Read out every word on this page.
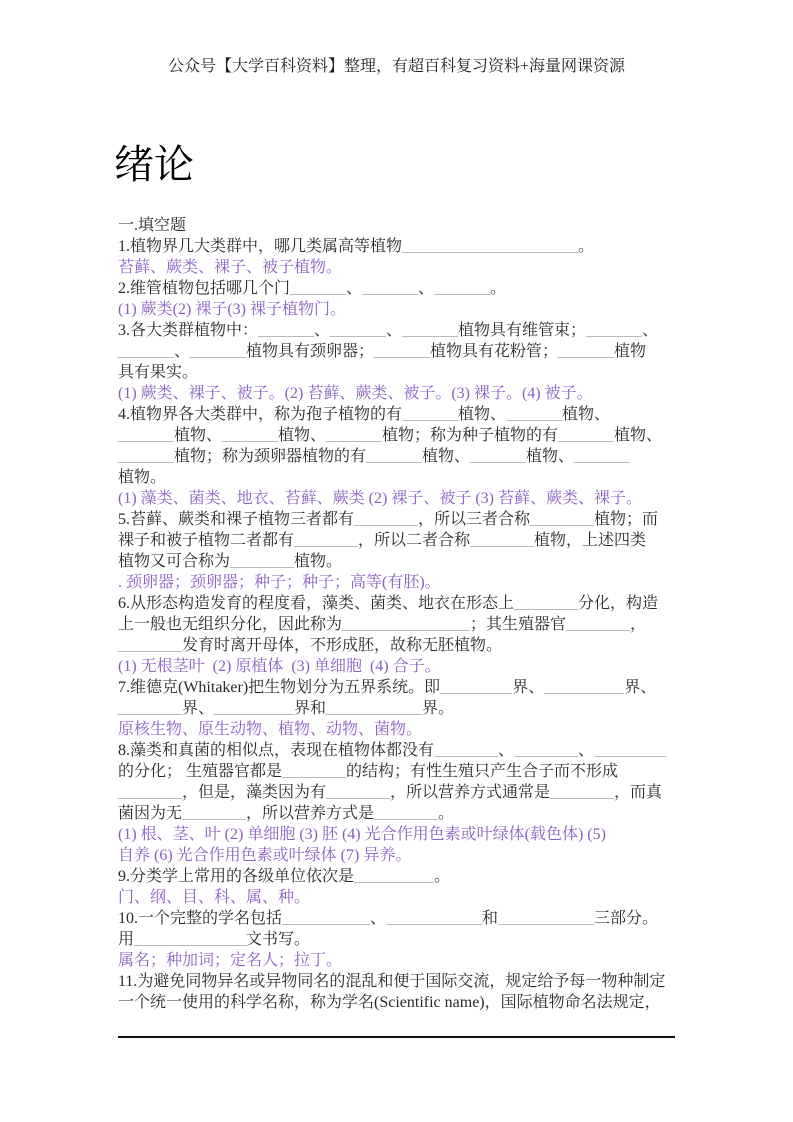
公众号【大学百科资料】整理，有超百科复习资料+海量网课资源
绪论
一.填空题
1.植物界几大类群中，哪几类属高等植物______________________。
苔藓、蕨类、裸子、被子植物。
2.维管植物包括哪几个门_______、_______、_______。
(1) 蕨类(2) 裸子(3) 裸子植物门。
3.各大类群植物中：_______、_______、_______植物具有维管束；_______、
_______、_______植物具有颈卵器；_______植物具有花粉管；_______植物
具有果实。
(1) 蕨类、裸子、被子。(2) 苔藓、蕨类、被子。(3) 裸子。(4) 被子。
4.植物界各大类群中，称为孢子植物的有_______植物、_______植物、
_______植物、_______植物、_______植物；称为种子植物的有_______植物、
_______植物；称为颈卵器植物的有_______植物、_______植物、_______
植物。
(1) 藻类、菌类、地衣、苔藓、蕨类 (2) 裸子、被子 (3) 苔藓、蕨类、裸子。
5.苔藓、蕨类和裸子植物三者都有________，所以三者合称________植物；而
裸子和被子植物二者都有________，所以二者合称________植物，上述四类
植物又可合称为________植物。
. 颈卵器；颈卵器；种子；种子；高等(有胚)。
6.从形态构造发育的程度看，藻类、菌类、地衣在形态上________分化，构造
上一般也无组织分化，因此称为________________；其生殖器官________，
________发育时离开母体，不形成胚，故称无胚植物。
(1) 无根茎叶  (2) 原植体  (3) 单细胞  (4) 合子。
7.维德克(Whitaker)把生物划分为五界系统。即_________界、__________界、
________界、__________界和____________界。
原核生物、原生动物、植物、动物、菌物。
8.藻类和真菌的相似点，表现在植物体都没有________、________、_________
的分化； 生殖器官都是________的结构；有性生殖只产生合子而不形成
________，但是，藻类因为有________，所以营养方式通常是________，而真
菌因为无________，所以营养方式是________。
(1) 根、茎、叶 (2) 单细胞 (3) 胚 (4) 光合作用色素或叶绿体(载色体) (5)
自养 (6) 光合作用色素或叶绿体 (7) 异养。
9.分类学上常用的各级单位依次是__________。
门、纲、目、科、属、种。
10.一个完整的学名包括___________、____________和____________三部分。
用______________文书写。
属名；种加词；定名人；拉丁。
11.为避免同物异名或异物同名的混乱和便于国际交流，规定给予每一物种制定
一个统一使用的科学名称，称为学名(Scientific name)，国际植物命名法规定，
